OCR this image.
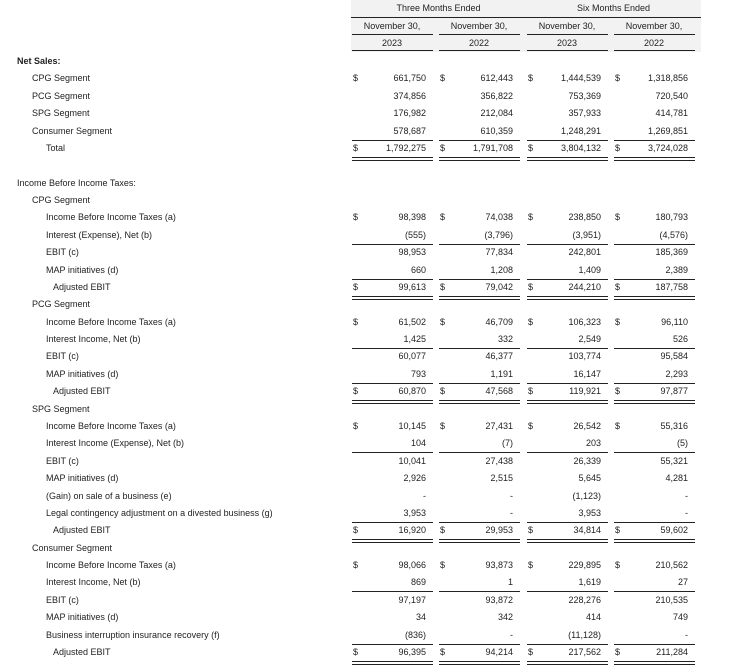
Three Months Ended	Six Months Ended
November 30,
2023
November 30,
2022
November 30,
2023
November 30,
2022
Net Sales:
CPG Segment	$	661,750 $	612,443 $	1,444,539 $	1,318,856
PCG Segment	374,856	356,822	753,369	720,540
SPG Segment	176,982	212,084	357,933	414,781
Consumer Segment	578,687	610,359	1,248,291	1,269,851
Total	$	1,792,275 $	1,791,708 $	3,804,132 $	3,724,028
Income Before Income Taxes:
CPG Segment
Income Before Income Taxes (a)	$	98,398 $	74,038 $	238,850 $	180,793
Interest (Expense), Net (b)	(555)	(3,796)	(3,951)	(4,576)
EBIT (c)	98,953	77,834	242,801	185,369
MAP initiatives (d)	660	1,208	1,409	2,389
Adjusted EBIT	$	99,613 $	79,042 $	244,210 $	187,758
PCG Segment
Income Before Income Taxes (a)	$	61,502 $	46,709 $	106,323 $	96,110
Interest Income, Net (b)	1,425	332	2,549	526
EBIT (c)	60,077	46,377	103,774	95,584
MAP initiatives (d)	793	1,191	16,147	2,293
Adjusted EBIT	$	60,870 $	47,568 $	119,921 $	97,877
SPG Segment
Income Before Income Taxes (a)	$	10,145 $	27,431 $	26,542 $	55,316
Interest Income (Expense), Net (b)	104	(7)	203	(5)
EBIT (c)	10,041	27,438	26,339	55,321
MAP initiatives (d)	2,926	2,515	5,645	4,281
(Gain) on sale of a business (e)	-	-	(1,123)	-
Legal contingency adjustment on a divested business (g)	3,953	-	3,953	-
Adjusted EBIT	$	16,920 $	29,953 $	34,814 $	59,602
Consumer Segment
Income Before Income Taxes (a)	$	98,066 $	93,873 $	229,895 $	210,562
Interest Income, Net (b)	869	1	1,619	27
EBIT (c)	97,197	93,872	228,276	210,535
MAP initiatives (d)	34	342	414	749
Business interruption insurance recovery (f)	(836)	-	(11,128)	-
Adjusted EBIT	$	96,395 $	94,214 $	217,562 $	211,284
